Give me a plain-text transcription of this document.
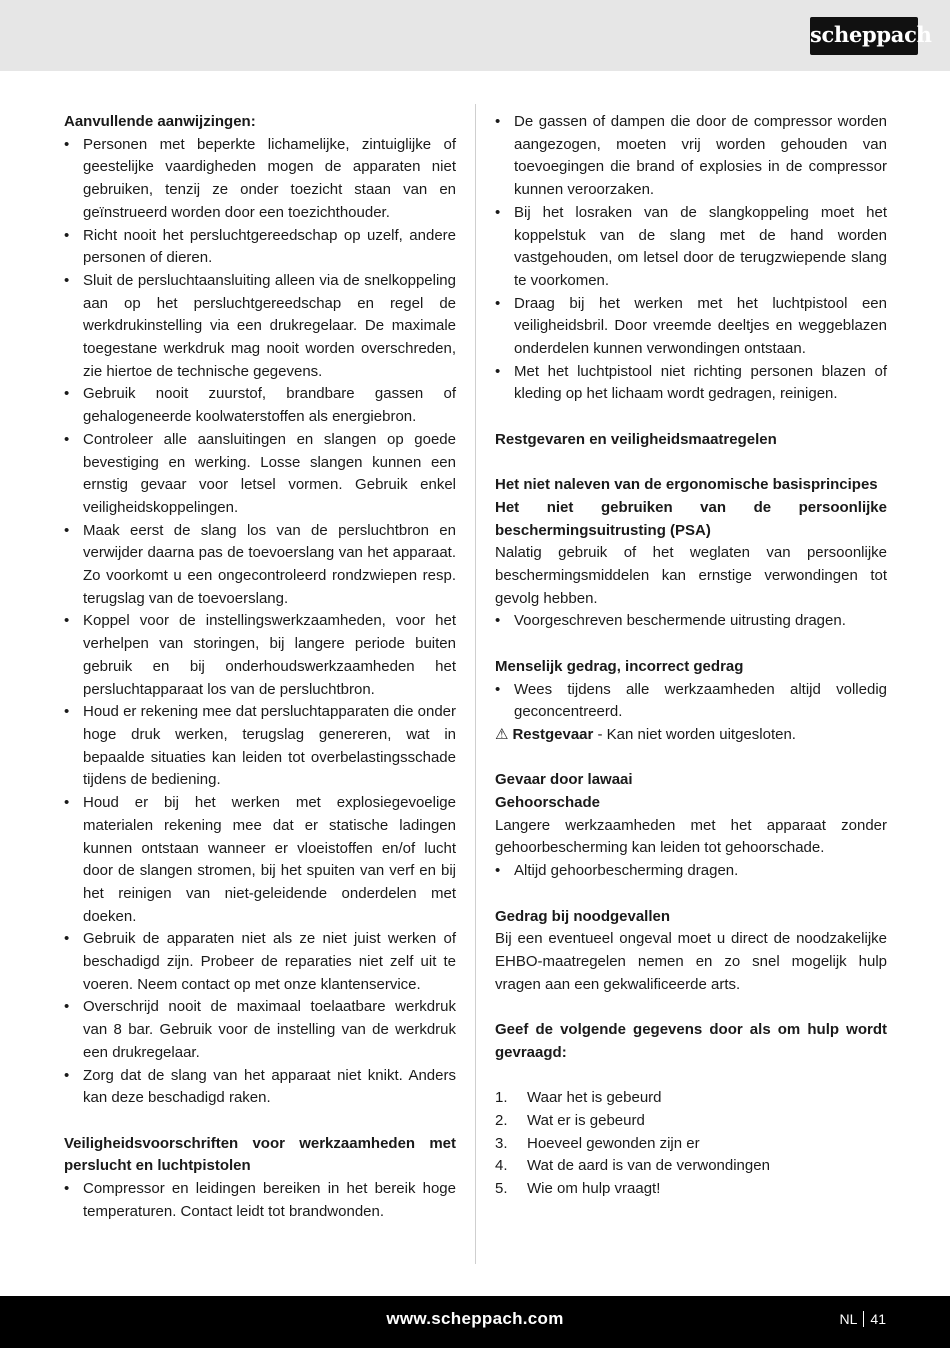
scheppach
Aanvullende aanwijzingen:
• Personen met beperkte lichamelijke, zintuiglijke of geestelijke vaardigheden mogen de apparaten niet gebruiken, tenzij ze onder toezicht staan van en geïnstrueerd worden door een toezichthouder.
• Richt nooit het persluchtgereedschap op uzelf, andere personen of dieren.
• Sluit de persluchtaansluiting alleen via de snelkoppeling aan op het persluchtgereedschap en regel de werkdrukinstelling via een drukregelaar. De maximale toegestane werkdruk mag nooit worden overschreden, zie hiertoe de technische gegevens.
• Gebruik nooit zuurstof, brandbare gassen of gehalogeneerde koolwaterstoffen als energiebron.
• Controleer alle aansluitingen en slangen op goede bevestiging en werking. Losse slangen kunnen een ernstig gevaar voor letsel vormen. Gebruik enkel veiligheidskoppelingen.
• Maak eerst de slang los van de persluchtbron en verwijder daarna pas de toevoerslang van het apparaat. Zo voorkomt u een ongecontroleerd rondzwiepen resp. terugslag van de toevoerslang.
• Koppel voor de instellingswerkzaamheden, voor het verhelpen van storingen, bij langere periode buiten gebruik en bij onderhoudswerkzaamheden het persluchtapparaat los van de persluchtbron.
• Houd er rekening mee dat persluchtapparaten die onder hoge druk werken, terugslag genereren, wat in bepaalde situaties kan leiden tot overbelastingsschade tijdens de bediening.
• Houd er bij het werken met explosiegevoelige materialen rekening mee dat er statische ladingen kunnen ontstaan wanneer er vloeistoffen en/of lucht door de slangen stromen, bij het spuiten van verf en bij het reinigen van niet-geleidende onderdelen met doeken.
• Gebruik de apparaten niet als ze niet juist werken of beschadigd zijn. Probeer de reparaties niet zelf uit te voeren. Neem contact op met onze klantenservice.
• Overschrijd nooit de maximaal toelaatbare werkdruk van 8 bar. Gebruik voor de instelling van de werkdruk een drukregelaar.
• Zorg dat de slang van het apparaat niet knikt. Anders kan deze beschadigd raken.

Veiligheidsvoorschriften voor werkzaamheden met perslucht en luchtpistolen

• Compressor en leidingen bereiken in het bereik hoge temperaturen. Contact leidt tot brandwonden.
• De gassen of dampen die door de compressor worden aangezogen, moeten vrij worden gehouden van toevoegingen die brand of explosies in de compressor kunnen veroorzaken.
• Bij het losraken van de slangkoppeling moet het koppelstuk van de slang met de hand worden vastgehouden, om letsel door de terugzwiepende slang te voorkomen.
• Draag bij het werken met het luchtpistool een veiligheidsbril. Door vreemde deeltjes en weggeblazen onderdelen kunnen verwondingen ontstaan.
• Met het luchtpistool niet richting personen blazen of kleding op het lichaam wordt gedragen, reinigen.
Restgevaren en veiligheidsmaatregelen

Het niet naleven van de ergonomische basisprincipes

Het niet gebruiken van de persoonlijke beschermingsuitrusting (PSA)

Nalatig gebruik of het weglaten van persoonlijke beschermingsmiddelen kan ernstige verwondingen tot gevolg hebben.

• Voorgeschreven beschermende uitrusting dragen.
Menselijk gedrag, incorrect gedrag
• Wees tijdens alle werkzaamheden altijd volledig geconcentreerd.
⚠ Restgevaar - Kan niet worden uitgesloten.
Gevaar door lawaai
Gehoorschade

Langere werkzaamheden met het apparaat zonder gehoorbescherming kan leiden tot gehoorschade.

• Altijd gehoorbescherming dragen.
Gedrag bij noodgevallen

Bij een eventueel ongeval moet u direct de noodzakelijke EHBO-maatregelen nemen en zo snel mogelijk hulp vragen aan een gekwalificeerde arts.

Geef de volgende gegevens door als om hulp wordt gevraagd:

1. Waar het is gebeurd
2. Wat er is gebeurd
3. Hoeveel gewonden zijn er
4. Wat de aard is van de verwondingen
5. Wie om hulp vraagt!
www.scheppach.com	NL 41
